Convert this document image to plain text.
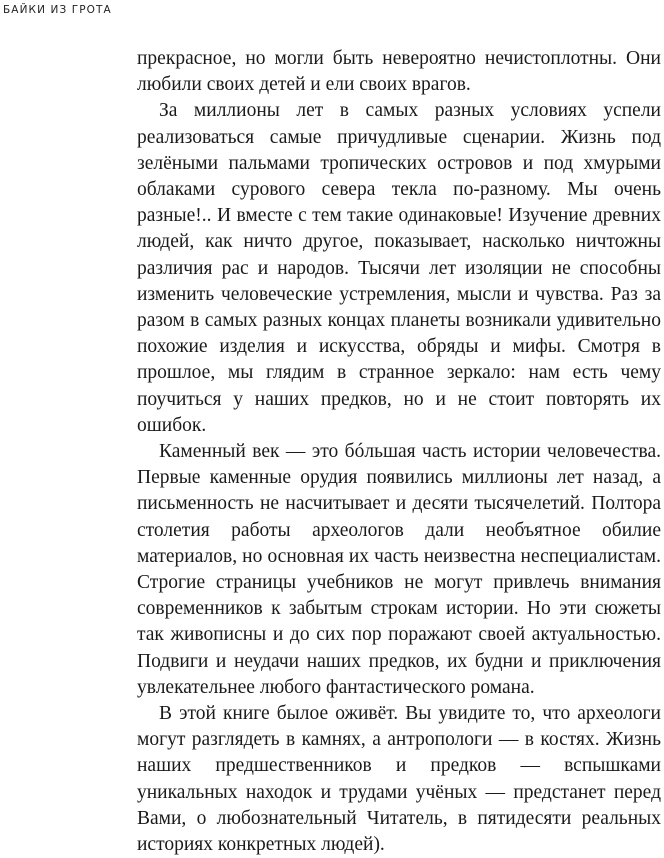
БАЙКИ ИЗ ГРОТА

прекрасное, но могли быть невероятно нечистоплотны. Они любили своих детей и ели своих врагов.

За миллионы лет в самых разных условиях успели реализоваться самые причудливые сценарии. Жизнь под зелёными пальмами тропических островов и под хмурыми облаками сурового севера текла по-разному. Мы очень разные!.. И вместе с тем такие одинаковые! Изучение древних людей, как ничто другое, показывает, насколько ничтожны различия рас и народов. Тысячи лет изоляции не способны изменить человеческие устремления, мысли и чувства. Раз за разом в самых разных концах планеты возникали удивительно похожие изделия и искусства, обряды и мифы. Смотря в прошлое, мы глядим в странное зеркало: нам есть чему поучиться у наших предков, но и не стоит повторять их ошибок.

Каменный век — это бóльшая часть истории человечества. Первые каменные орудия появились миллионы лет назад, а письменность не насчитывает и десяти тысячелетий. Полтора столетия работы археологов дали необъятное обилие материалов, но основная их часть неизвестна неспециалистам. Строгие страницы учебников не могут привлечь внимания современников к забытым строкам истории. Но эти сюжеты так живописны и до сих пор поражают своей актуальностью. Подвиги и неудачи наших предков, их будни и приключения увлекательнее любого фантастического романа.

В этой книге былое оживёт. Вы увидите то, что археологи могут разглядеть в камнях, а антропологи — в костях. Жизнь наших предшественников и предков — вспышками уникальных находок и трудами учёных — предстанет перед Вами, о любознательный Читатель, в пятидесяти реальных историях конкретных людей).
